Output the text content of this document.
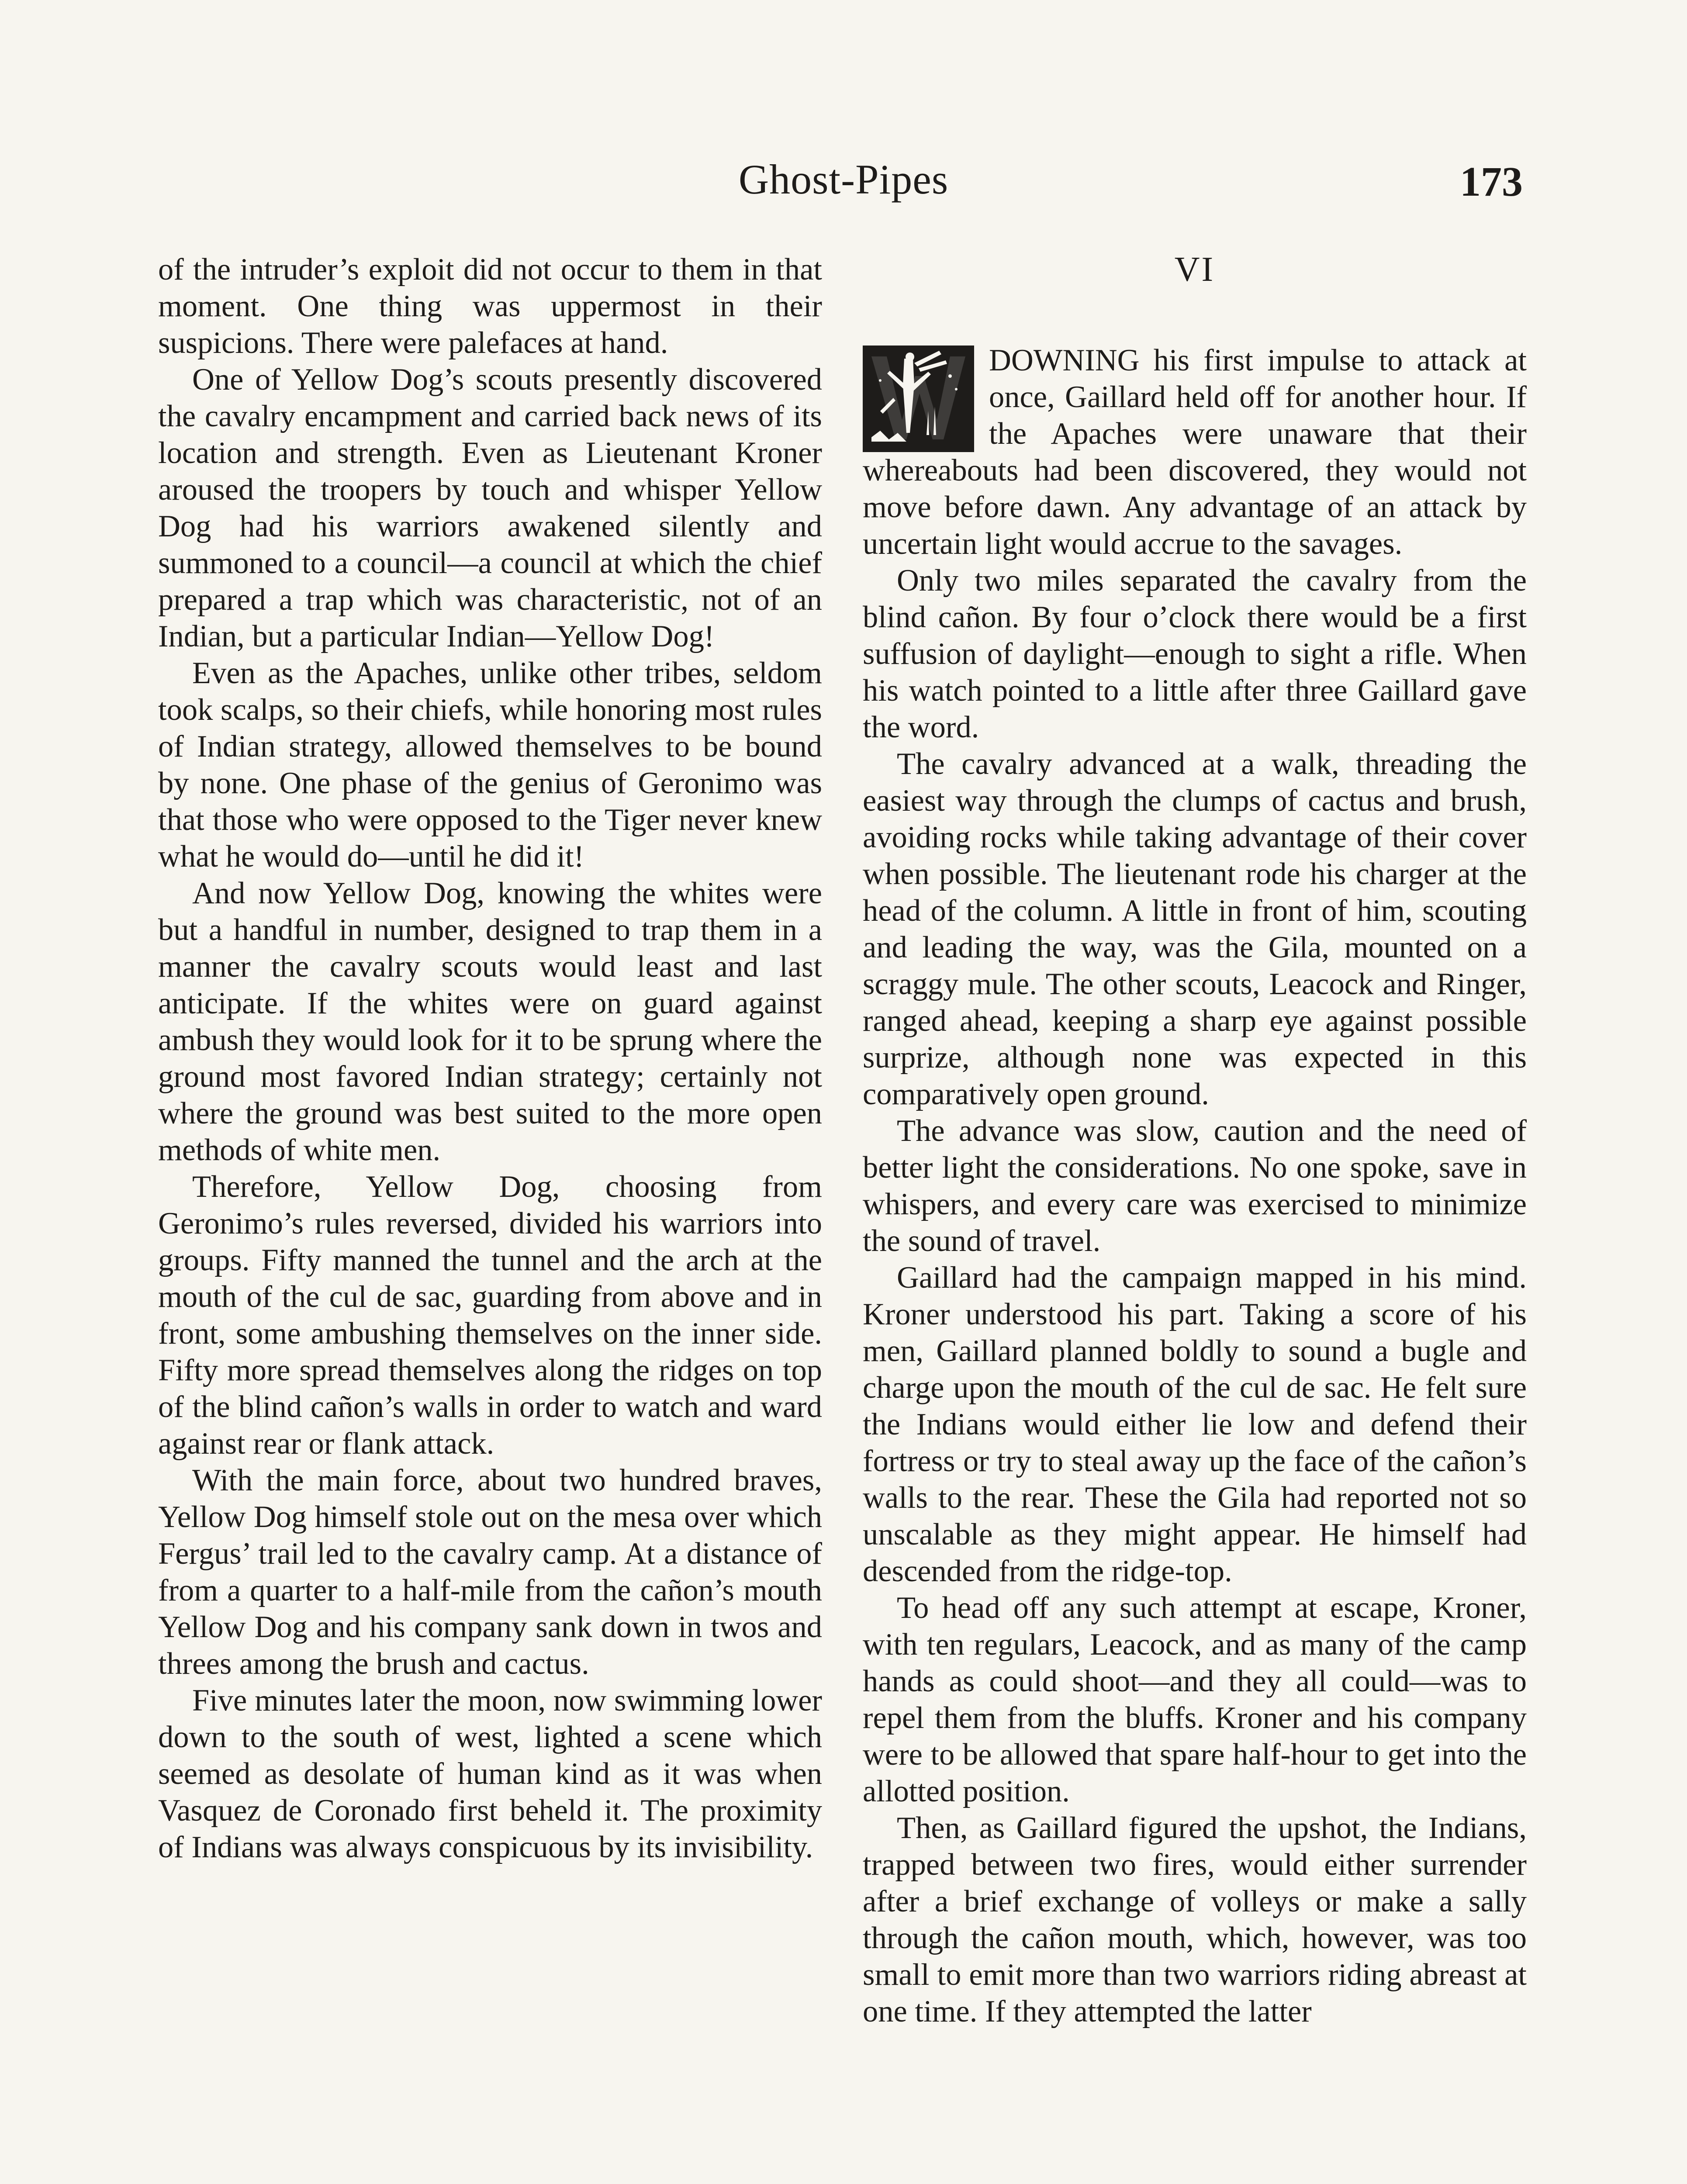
Ghost-Pipes	173

of the intruder’s exploit did not occur to them in that moment. One thing was uppermost in their suspicions. There were palefaces at hand.

One of Yellow Dog’s scouts presently discovered the cavalry encampment and carried back news of its location and strength. Even as Lieutenant Kroner aroused the troopers by touch and whisper Yellow Dog had his warriors awakened silently and summoned to a council—a council at which the chief prepared a trap which was characteristic, not of an Indian, but a particular Indian—Yellow Dog!

Even as the Apaches, unlike other tribes, seldom took scalps, so their chiefs, while honoring most rules of Indian strategy, allowed themselves to be bound by none. One phase of the genius of Geronimo was that those who were opposed to the Tiger never knew what he would do—until he did it!

And now Yellow Dog, knowing the whites were but a handful in number, designed to trap them in a manner the cavalry scouts would least and last anticipate. If the whites were on guard against ambush they would look for it to be sprung where the ground most favored Indian strategy; certainly not where the ground was best suited to the more open methods of white men.

Therefore, Yellow Dog, choosing from Geronimo’s rules reversed, divided his warriors into groups. Fifty manned the tunnel and the arch at the mouth of the cul de sac, guarding from above and in front, some ambushing themselves on the inner side. Fifty more spread themselves along the ridges on top of the blind cañon’s walls in order to watch and ward against rear or flank attack.

With the main force, about two hundred braves, Yellow Dog himself stole out on the mesa over which Fergus’ trail led to the cavalry camp. At a distance of from a quarter to a half-mile from the cañon’s mouth Yellow Dog and his company sank down in twos and threes among the brush and cactus.

Five minutes later the moon, now swimming lower down to the south of west, lighted a scene which seemed as desolate of human kind as it was when Vasquez de Coronado first beheld it. The proximity of Indians was always conspicuous by its invisibility.

VI

DOWNING his first impulse to attack at once, Gaillard held off for another hour. If the Apaches were unaware that their whereabouts had been discovered, they would not move before dawn. Any advantage of an attack by uncertain light would accrue to the savages.

Only two miles separated the cavalry from the blind cañon. By four o’clock there would be a first suffusion of daylight—enough to sight a rifle. When his watch pointed to a little after three Gaillard gave the word.

The cavalry advanced at a walk, threading the easiest way through the clumps of cactus and brush, avoiding rocks while taking advantage of their cover when possible. The lieutenant rode his charger at the head of the column. A little in front of him, scouting and leading the way, was the Gila, mounted on a scraggy mule. The other scouts, Leacock and Ringer, ranged ahead, keeping a sharp eye against possible surprize, although none was expected in this comparatively open ground.

The advance was slow, caution and the need of better light the considerations. No one spoke, save in whispers, and every care was exercised to minimize the sound of travel.

Gaillard had the campaign mapped in his mind. Kroner understood his part. Taking a score of his men, Gaillard planned boldly to sound a bugle and charge upon the mouth of the cul de sac. He felt sure the Indians would either lie low and defend their fortress or try to steal away up the face of the cañon’s walls to the rear. These the Gila had reported not so unscalable as they might appear. He himself had descended from the ridge-top.

To head off any such attempt at escape, Kroner, with ten regulars, Leacock, and as many of the camp hands as could shoot—and they all could—was to repel them from the bluffs. Kroner and his company were to be allowed that spare half-hour to get into the allotted position.

Then, as Gaillard figured the upshot, the Indians, trapped between two fires, would either surrender after a brief exchange of volleys or make a sally through the cañon mouth, which, however, was too small to emit more than two warriors riding abreast at one time. If they attempted the latter
